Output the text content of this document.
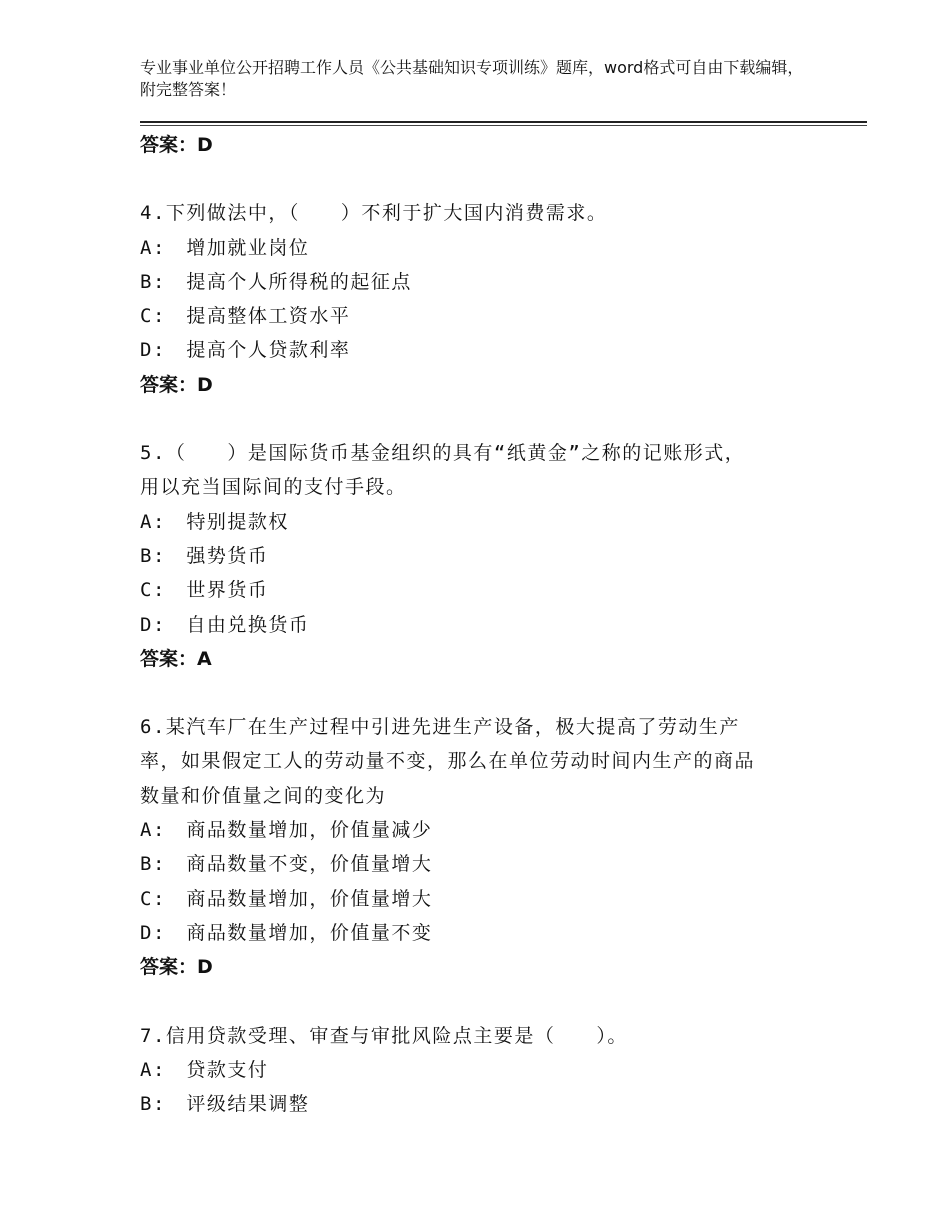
专业事业单位公开招聘工作人员《公共基础知识专项训练》题库，word格式可自由下载编辑，附完整答案！
答案：D
4.下列做法中，（　　）不利于扩大国内消费需求。
A:　增加就业岗位
B:　提高个人所得税的起征点
C:　提高整体工资水平
D:　提高个人贷款利率
答案：D
5.（　　）是国际货币基金组织的具有“纸黄金”之称的记账形式，
用以充当国际间的支付手段。
A:　特别提款权
B:　强势货币
C:　世界货币
D:　自由兑换货币
答案：A
6.某汽车厂在生产过程中引进先进生产设备，极大提高了劳动生产
率，如果假定工人的劳动量不变，那么在单位劳动时间内生产的商品
数量和价值量之间的变化为
A:　商品数量增加，价值量减少
B:　商品数量不变，价值量增大
C:　商品数量增加，价值量增大
D:　商品数量增加，价值量不变
答案：D
7.信用贷款受理、审查与审批风险点主要是（　　）。
A:　贷款支付
B:　评级结果调整
